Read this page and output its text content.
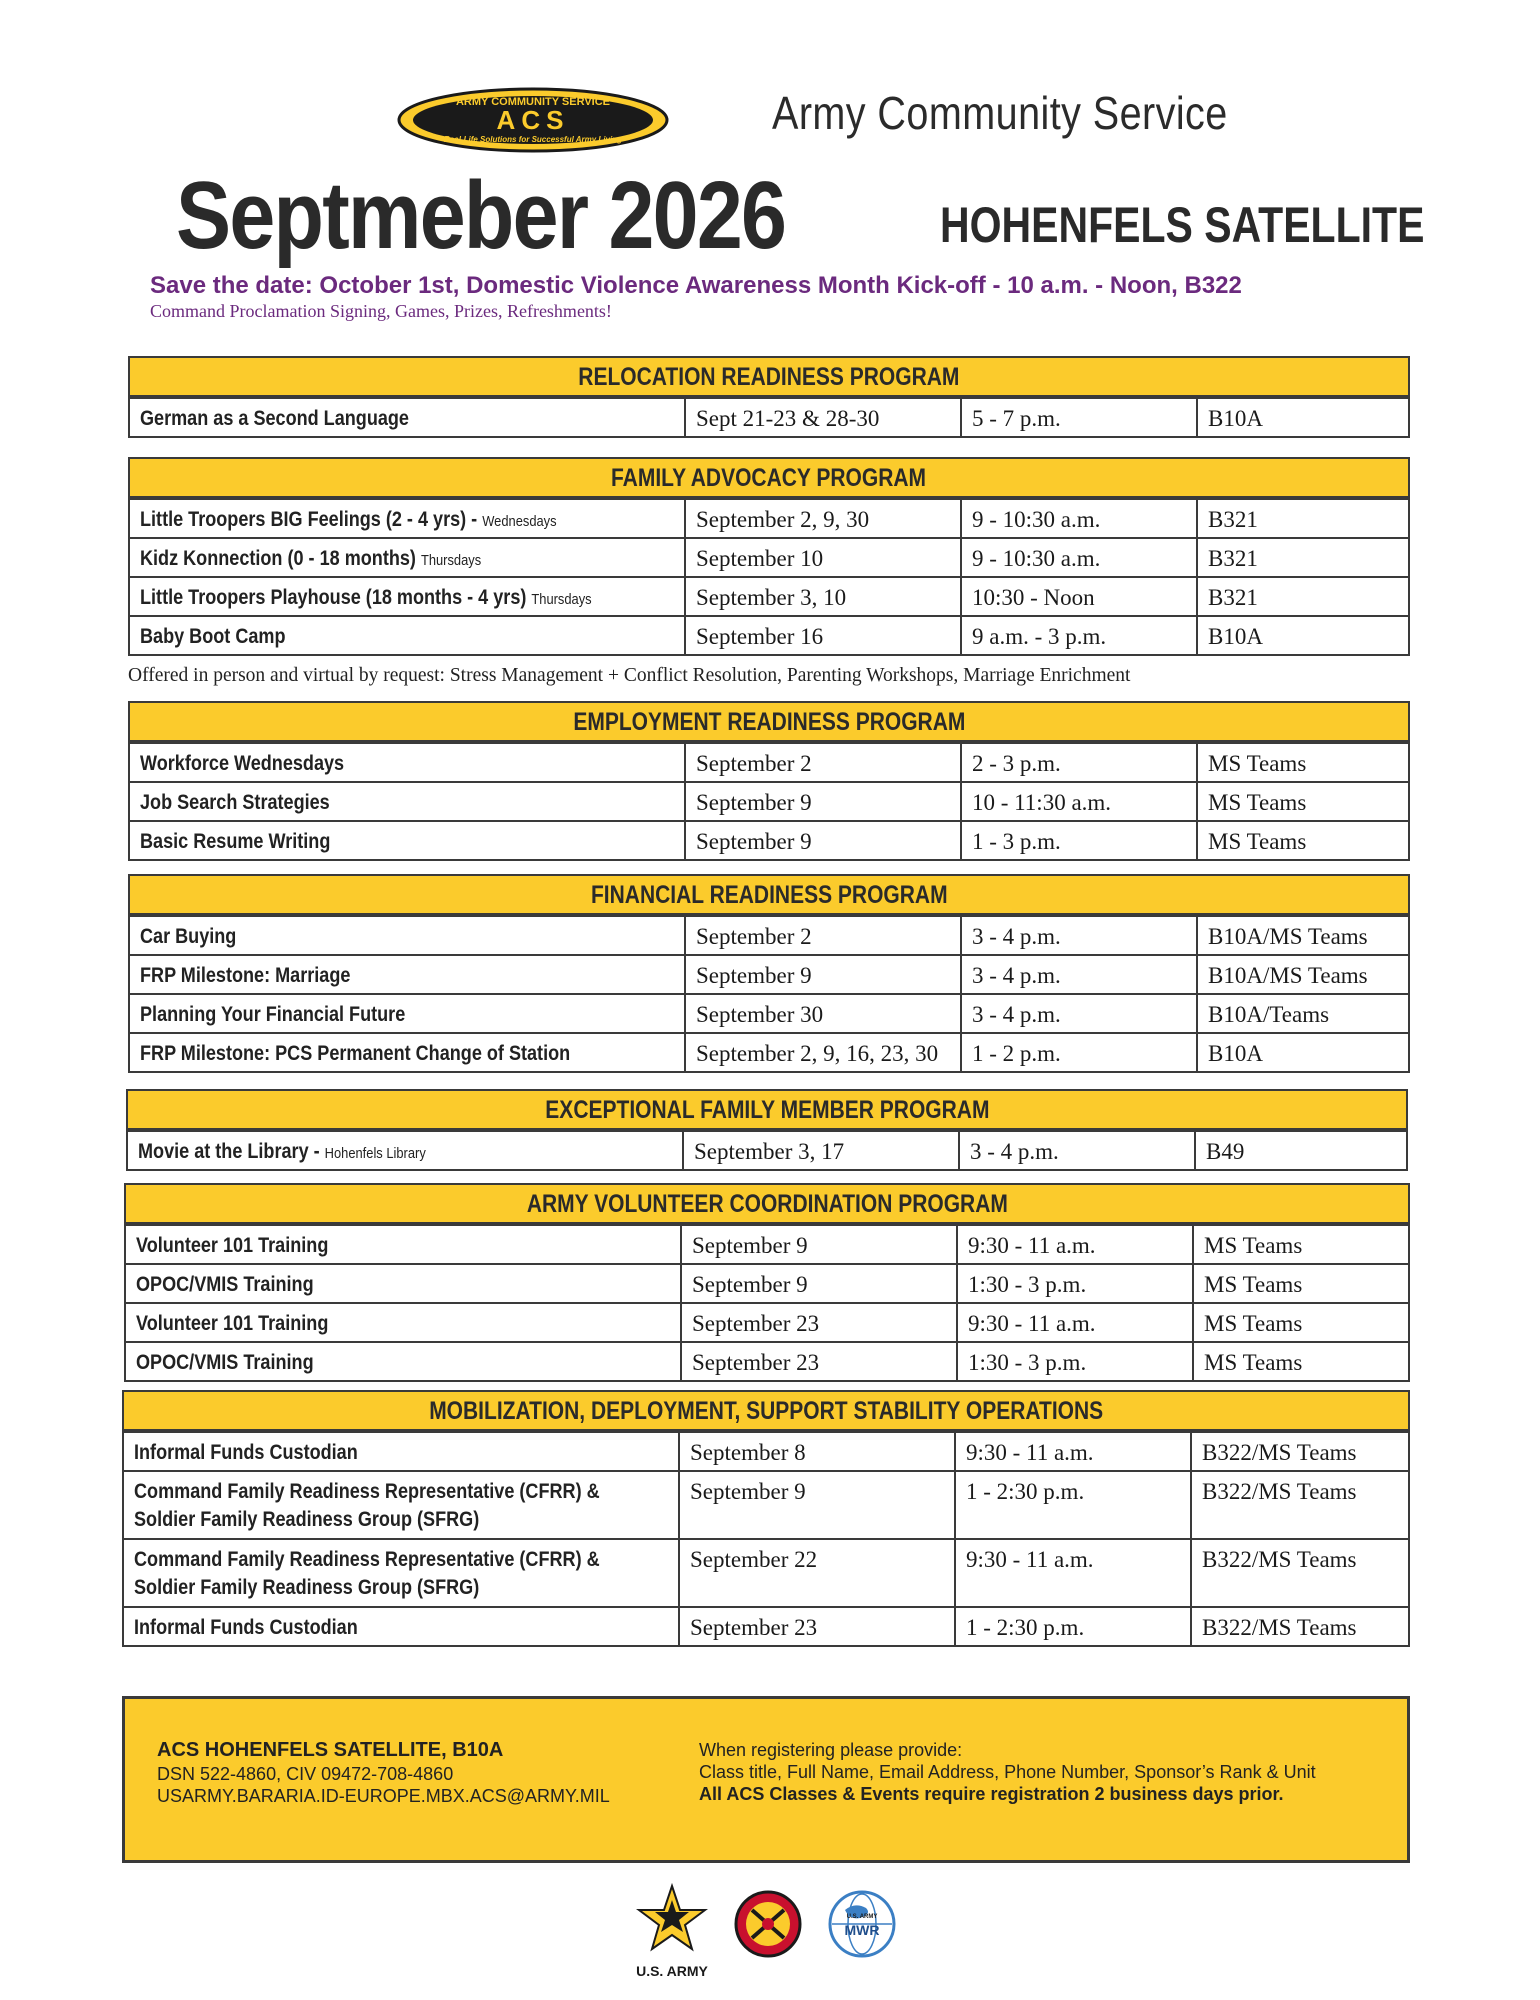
ARMY COMMUNITY SERVICE
ACS
Real-Life Solutions for Successful Army Living
Army Community Service
Septmeber 2026	HOHENFELS SATELLITE
Save the date: October 1st, Domestic Violence Awareness Month Kick-off - 10 a.m. - Noon, B322
Command Proclamation Signing, Games, Prizes, Refreshments!
RELOCATION READINESS PROGRAM
German as a Second Language	Sept 21-23 & 28-30	5 - 7 p.m.	B10A
FAMILY ADVOCACY PROGRAM
Little Troopers BIG Feelings (2 - 4 yrs) - Wednesdays	September 2, 9, 30	9 - 10:30 a.m.	B321
Kidz Konnection (0 - 18 months) Thursdays	September 10	9 - 10:30 a.m.	B321
Little Troopers Playhouse (18 months - 4 yrs) Thursdays	September 3, 10	10:30 - Noon	B321
Baby Boot Camp	September 16	9 a.m. - 3 p.m.	B10A
Offered in person and virtual by request: Stress Management + Conflict Resolution, Parenting Workshops, Marriage Enrichment
EMPLOYMENT READINESS PROGRAM
Workforce Wednesdays	September 2	2 - 3 p.m.	MS Teams
Job Search Strategies	September 9	10 - 11:30 a.m.	MS Teams
Basic Resume Writing	September 9	1 - 3 p.m.	MS Teams
FINANCIAL READINESS PROGRAM
Car Buying	September 2	3 - 4 p.m.	B10A/MS Teams
FRP Milestone: Marriage	September 9	3 - 4 p.m.	B10A/MS Teams
Planning Your Financial Future	September 30	3 - 4 p.m.	B10A/Teams
FRP Milestone: PCS Permanent Change of Station	September 2, 9, 16, 23, 30	1 - 2 p.m.	B10A
EXCEPTIONAL FAMILY MEMBER PROGRAM
Movie at the Library - Hohenfels Library	September 3, 17	3 - 4 p.m.	B49
ARMY VOLUNTEER COORDINATION PROGRAM
Volunteer 101 Training	September 9	9:30 - 11 a.m.	MS Teams
OPOC/VMIS Training	September 9	1:30 - 3 p.m.	MS Teams
Volunteer 101 Training	September 23	9:30 - 11 a.m.	MS Teams
OPOC/VMIS Training	September 23	1:30 - 3 p.m.	MS Teams
MOBILIZATION, DEPLOYMENT, SUPPORT STABILITY OPERATIONS
Informal Funds Custodian	September 8	9:30 - 11 a.m.	B322/MS Teams
Command Family Readiness Representative (CFRR) &
Soldier Family Readiness Group (SFRG)
September 9	1 - 2:30 p.m.	B322/MS Teams
Command Family Readiness Representative (CFRR) &
Soldier Family Readiness Group (SFRG)
September 22	9:30 - 11 a.m.	B322/MS Teams
Informal Funds Custodian	September 23	1 - 2:30 p.m.	B322/MS Teams
ACS HOHENFELS SATELLITE, B10A
DSN 522-4860, CIV 09472-708-4860
USARMY.BARARIA.ID-EUROPE.MBX.ACS@ARMY.MIL
When registering please provide:
Class title, Full Name, Email Address, Phone Number, Sponsor’s Rank & Unit
All ACS Classes & Events require registration 2 business days prior.
U.S. ARMY
U.S. ARMY
MWR
